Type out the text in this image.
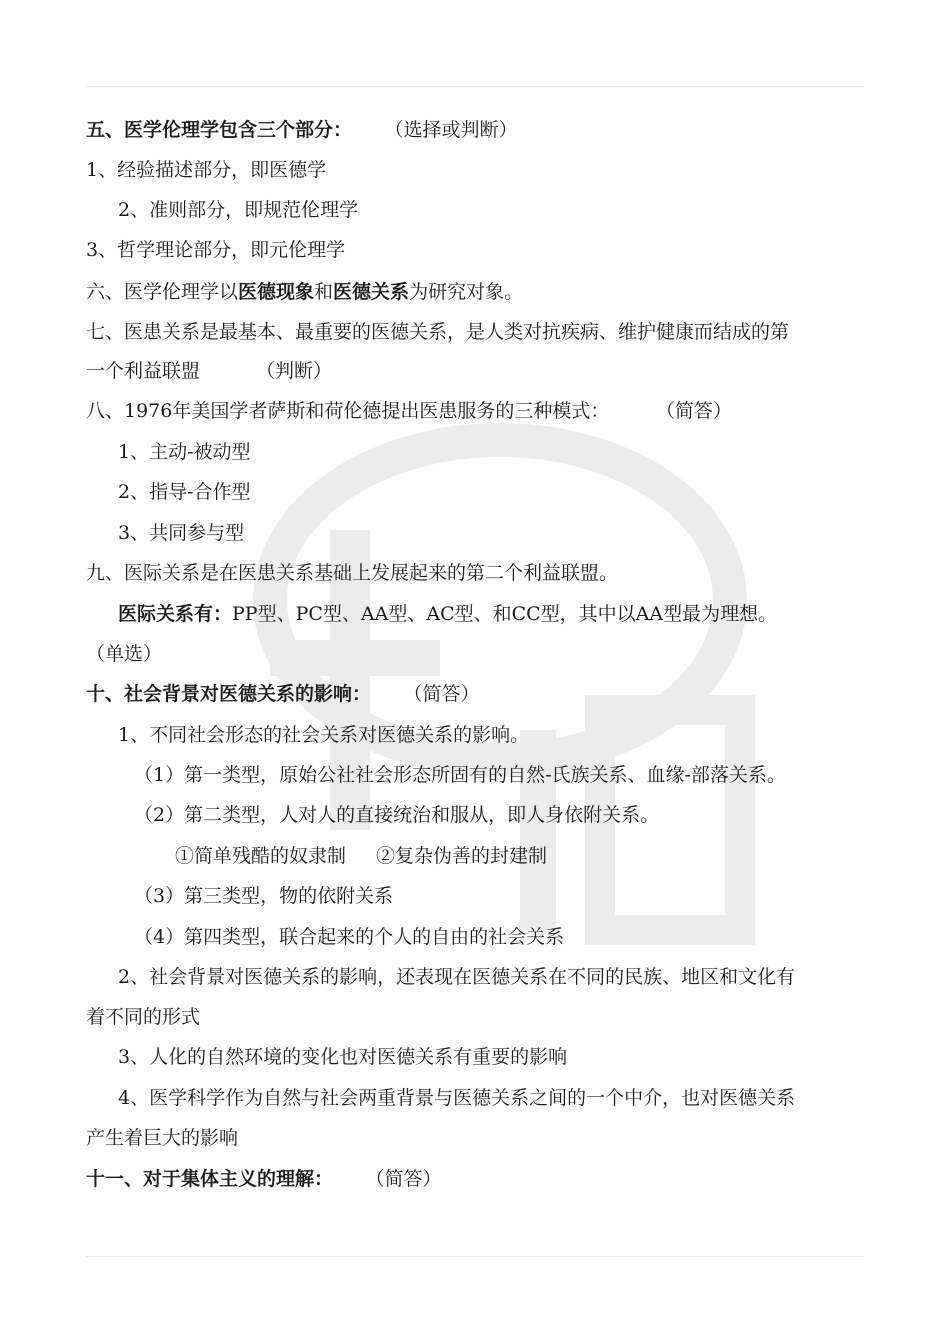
五、医学伦理学包含三个部分： （选择或判断）
1、经验描述部分，即医德学
2、准则部分，即规范伦理学
3、哲学理论部分，即元伦理学
六、医学伦理学以医德现象和医德关系为研究对象。
七、医患关系是最基本、最重要的医德关系，是人类对抗疾病、维护健康而结成的第
一个利益联盟	（判断）
八、1976年美国学者萨斯和荷伦德提出医患服务的三种模式：	（简答）
1、主动-被动型
2、指导-合作型
3、共同参与型
九、医际关系是在医患关系基础上发展起来的第二个利益联盟。
医际关系有：PP型、PC型、AA型、AC型、和CC型，其中以AA型最为理想。
（单选）
十、社会背景对医德关系的影响： （简答）
1、不同社会形态的社会关系对医德关系的影响。
（1）第一类型，原始公社社会形态所固有的自然-氏族关系、血缘-部落关系。
（2）第二类型，人对人的直接统治和服从，即人身依附关系。
①简单残酷的奴隶制 ②复杂伪善的封建制
（3）第三类型，物的依附关系
（4）第四类型，联合起来的个人的自由的社会关系
2、社会背景对医德关系的影响，还表现在医德关系在不同的民族、地区和文化有
着不同的形式
3、人化的自然环境的变化也对医德关系有重要的影响
4、医学科学作为自然与社会两重背景与医德关系之间的一个中介，也对医德关系
产生着巨大的影响
十一、对于集体主义的理解： （简答）
